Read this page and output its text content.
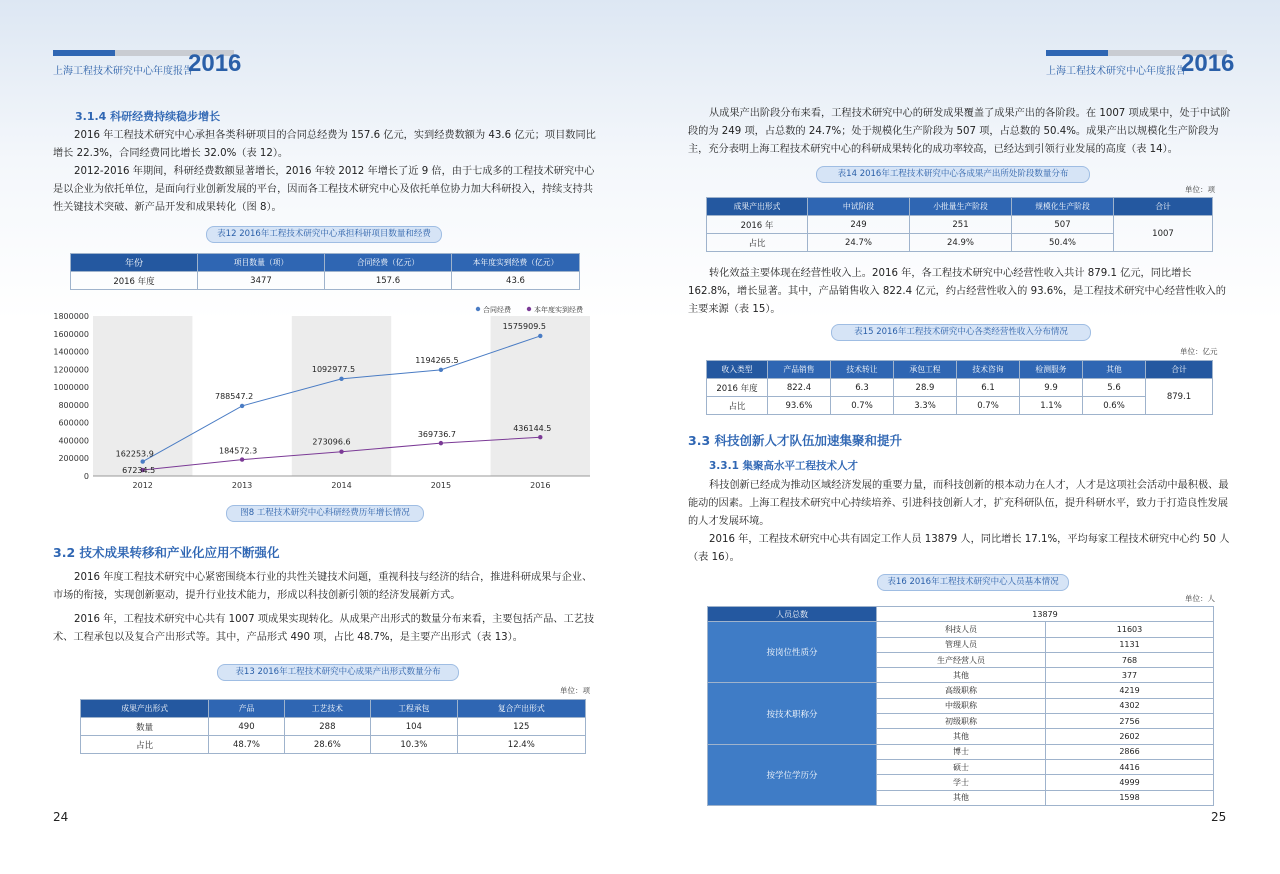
上海工程技术研究中心年度报告
2016
3.1.4 科研经费持续稳步增长
2016 年工程技术研究中心承担各类科研项目的合同总经费为 157.6 亿元，实到经费数额为 43.6 亿元；项目数同比增长 22.3%，合同经费同比增长 32.0%（表 12）。
2012-2016 年期间，科研经费数额显著增长，2016 年较 2012 年增长了近 9 倍，由于七成多的工程技术研究中心是以企业为依托单位，是面向行业创新发展的平台，因而各工程技术研究中心及依托单位协力加大科研投入，持续支持共性关键技术突破、新产品开发和成果转化（图 8）。
表12 2016年工程技术研究中心承担科研项目数量和经费
年份	项目数量（项）	合同经费（亿元）	本年度实到经费（亿元）
2016 年度	3477	157.6	43.6
0
200000
400000
600000
800000
1000000
1200000
1400000
1600000
1800000
2012	2013	2014	2015	2016
162253.9
788547.2
1092977.5
1194265.5
1575909.5
67234.5
184572.3
273096.6
369736.7
436144.5
合同经费	本年度实到经费
图8 工程技术研究中心科研经费历年增长情况
3.2 技术成果转移和产业化应用不断强化
2016 年度工程技术研究中心紧密围绕本行业的共性关键技术问题，重视科技与经济的结合，推进科研成果与企业、市场的衔接，实现创新驱动，提升行业技术能力，形成以科技创新引领的经济发展新方式。
2016 年，工程技术研究中心共有 1007 项成果实现转化。从成果产出形式的数量分布来看，主要包括产品、工艺技术、工程承包以及复合产出形式等。其中，产品形式 490 项，占比 48.7%，是主要产出形式（表 13）。
表13 2016年工程技术研究中心成果产出形式数量分布
单位：项
成果产出形式	产品	工艺技术	工程承包	复合产出形式
数量	490	288	104	125
占比	48.7%	28.6%	10.3%	12.4%
24
上海工程技术研究中心年度报告
2016
从成果产出阶段分布来看，工程技术研究中心的研发成果覆盖了成果产出的各阶段。在 1007 项成果中，处于中试阶段的为 249 项，占总数的 24.7%；处于规模化生产阶段为 507 项，占总数的 50.4%。成果产出以规模化生产阶段为主，充分表明上海工程技术研究中心的科研成果转化的成功率较高，已经达到引领行业发展的高度（表 14）。
表14 2016年工程技术研究中心各成果产出所处阶段数量分布
单位：项
成果产出形式	中试阶段	小批量生产阶段	规模化生产阶段	合计
2016 年	249	251	507	1007
占比	24.7%	24.9%	50.4%	
转化效益主要体现在经营性收入上。2016 年，各工程技术研究中心经营性收入共计 879.1 亿元，同比增长 162.8%，增长显著。其中，产品销售收入 822.4 亿元，约占经营性收入的 93.6%，是工程技术研究中心经营性收入的主要来源（表 15）。
表15 2016年工程技术研究中心各类经营性收入分布情况
单位：亿元
收入类型	产品销售	技术转让	承包工程	技术咨询	检测服务	其他	合计
2016 年度	822.4	6.3	28.9	6.1	9.9	5.6	879.1
占比	93.6%	0.7%	3.3%	0.7%	1.1%	0.6%	
3.3 科技创新人才队伍加速集聚和提升
3.3.1 集聚高水平工程技术人才
科技创新已经成为推动区域经济发展的重要力量，而科技创新的根本动力在人才，人才是这项社会活动中最积极、最能动的因素。上海工程技术研究中心持续培养、引进科技创新人才，扩充科研队伍，提升科研水平，致力于打造良性发展的人才发展环境。
2016 年，工程技术研究中心共有固定工作人员 13879 人，同比增长 17.1%，平均每家工程技术研究中心约 50 人（表 16）。
表16 2016年工程技术研究中心人员基本情况
单位：人
人员总数	13879	
按岗位性质分	科技人员	11603
	管理人员	1131
	生产经营人员	768
	其他	377
按技术职称分	高级职称	4219
	中级职称	4302
	初级职称	2756
	其他	2602
按学位学历分	博士	2866
	硕士	4416
	学士	4999
	其他	1598
25
